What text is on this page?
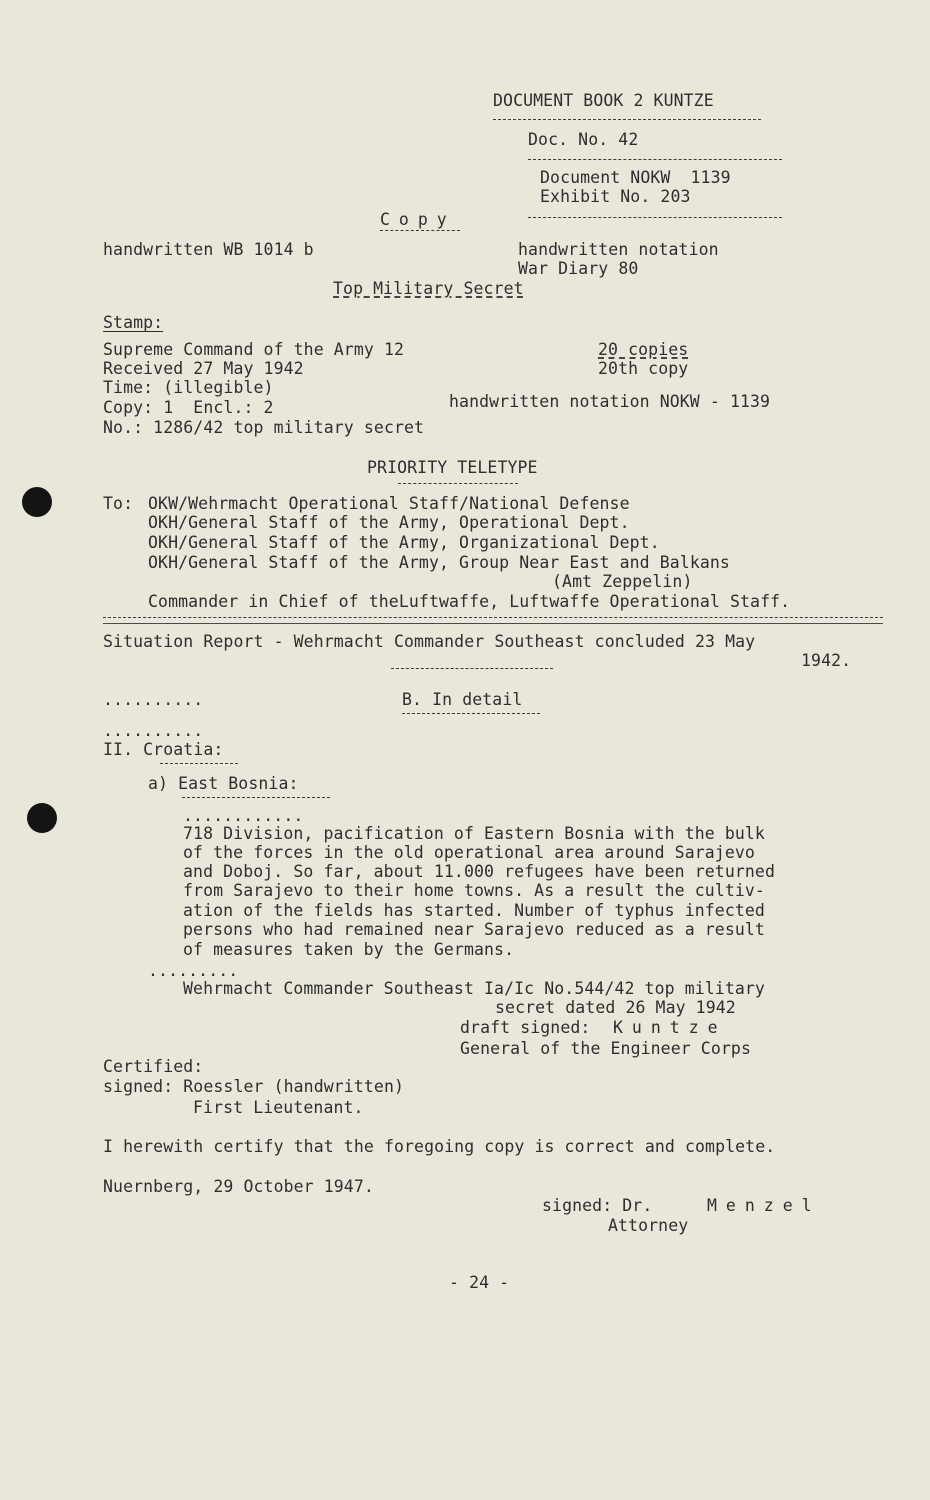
DOCUMENT BOOK 2 KUNTZE
Doc. No. 42
Document NOKW  1139
Exhibit No. 203
Copy
handwritten WB 1014 b	handwritten notation
War Diary 80
Top Military Secret
Stamp:
Supreme Command of the Army 12
Received 27 May 1942
Time: (illegible)
Copy: 1  Encl.: 2
No.: 1286/42 top military secret
20 copies
20th copy
handwritten notation NOKW - 1139
PRIORITY TELETYPE
To: OKW/Wehrmacht Operational Staff/National Defense
OKH/General Staff of the Army, Operational Dept.
OKH/General Staff of the Army, Organizational Dept.
OKH/General Staff of the Army, Group Near East and Balkans
(Amt Zeppelin)
Commander in Chief of theLuftwaffe, Luftwaffe Operational Staff.
Situation Report - Wehrmacht Commander Southeast concluded 23 May
1942.
..........	B. In detail
..........
II. Croatia:
a) East Bosnia:
............
718 Division, pacification of Eastern Bosnia with the bulk
of the forces in the old operational area around Sarajevo
and Doboj. So far, about 11.000 refugees have been returned
from Sarajevo to their home towns. As a result the cultiv-
ation of the fields has started. Number of typhus infected
persons who had remained near Sarajevo reduced as a result
of measures taken by the Germans.
.........
Wehrmacht Commander Southeast Ia/Ic No.544/42 top military
secret dated 26 May 1942
draft signed: Kuntze
General of the Engineer Corps
Certified:
signed: Roessler (handwritten)
First Lieutenant.
I herewith certify that the foregoing copy is correct and complete.
Nuernberg, 29 October 1947.
signed: Dr.	Menzel
Attorney
- 24 -
